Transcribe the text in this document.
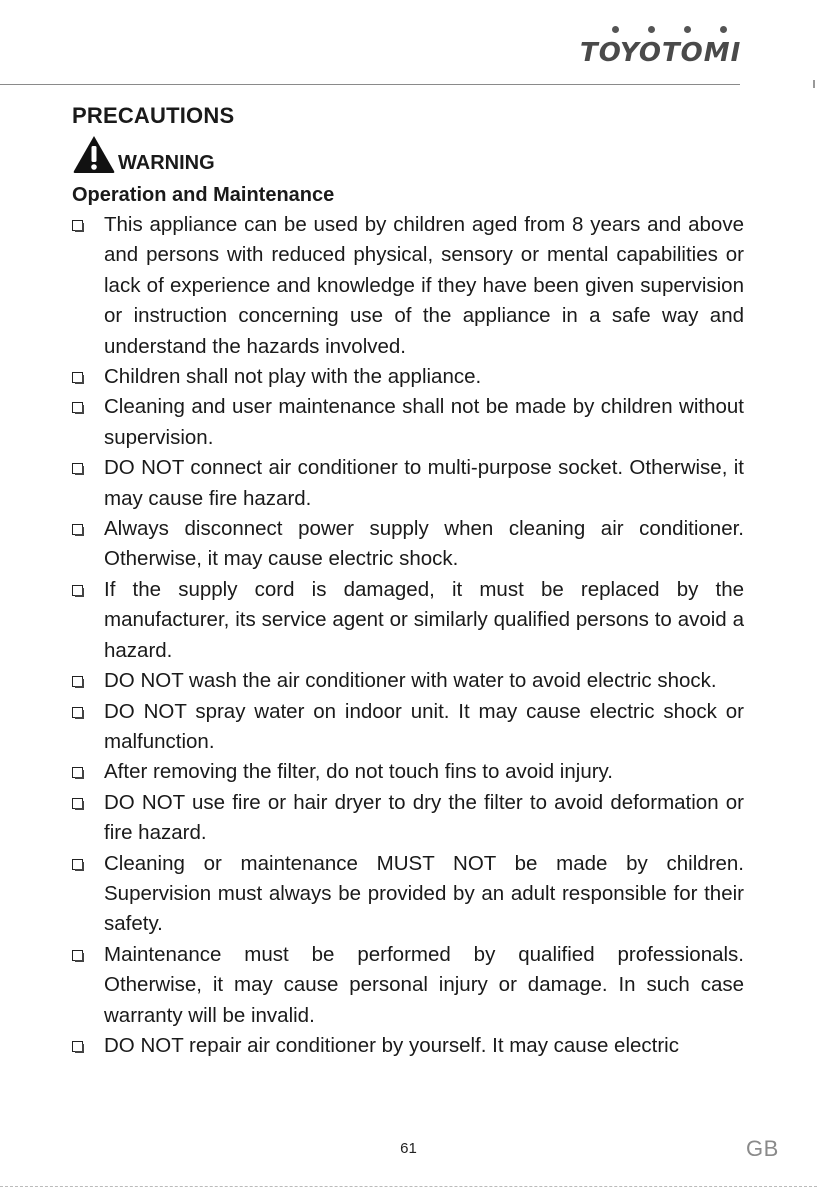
TOYOTOMI
PRECAUTIONS
WARNING
Operation and Maintenance
This appliance can be used by children aged from 8 years and above and persons with reduced physical, sensory or mental capabilities or lack of experience and knowledge if they have been given supervision or instruction concerning use of the appliance in a safe way and understand the hazards involved.
Children shall not play with the appliance.
Cleaning and user maintenance shall not be made by children without supervision.
DO NOT connect air conditioner to multi-purpose socket. Otherwise, it may cause fire hazard.
Always disconnect power supply when cleaning air conditioner. Otherwise, it may cause electric shock.
If the supply cord is damaged, it must be replaced by the manufacturer, its service agent or similarly qualified persons to avoid a hazard.
DO NOT wash the air conditioner with water to avoid electric shock.
DO NOT spray water on indoor unit. It may cause electric shock or malfunction.
After removing the filter, do not touch fins to avoid injury.
DO NOT use fire or hair dryer to dry the filter to avoid deformation or fire hazard.
Cleaning or maintenance MUST NOT be made by children. Supervision must always be provided by an adult responsible for their safety.
Maintenance must be performed by qualified professionals. Otherwise, it may cause personal injury or damage. In such case warranty will be invalid.
DO NOT repair air conditioner by yourself. It may cause electric
61	GB
